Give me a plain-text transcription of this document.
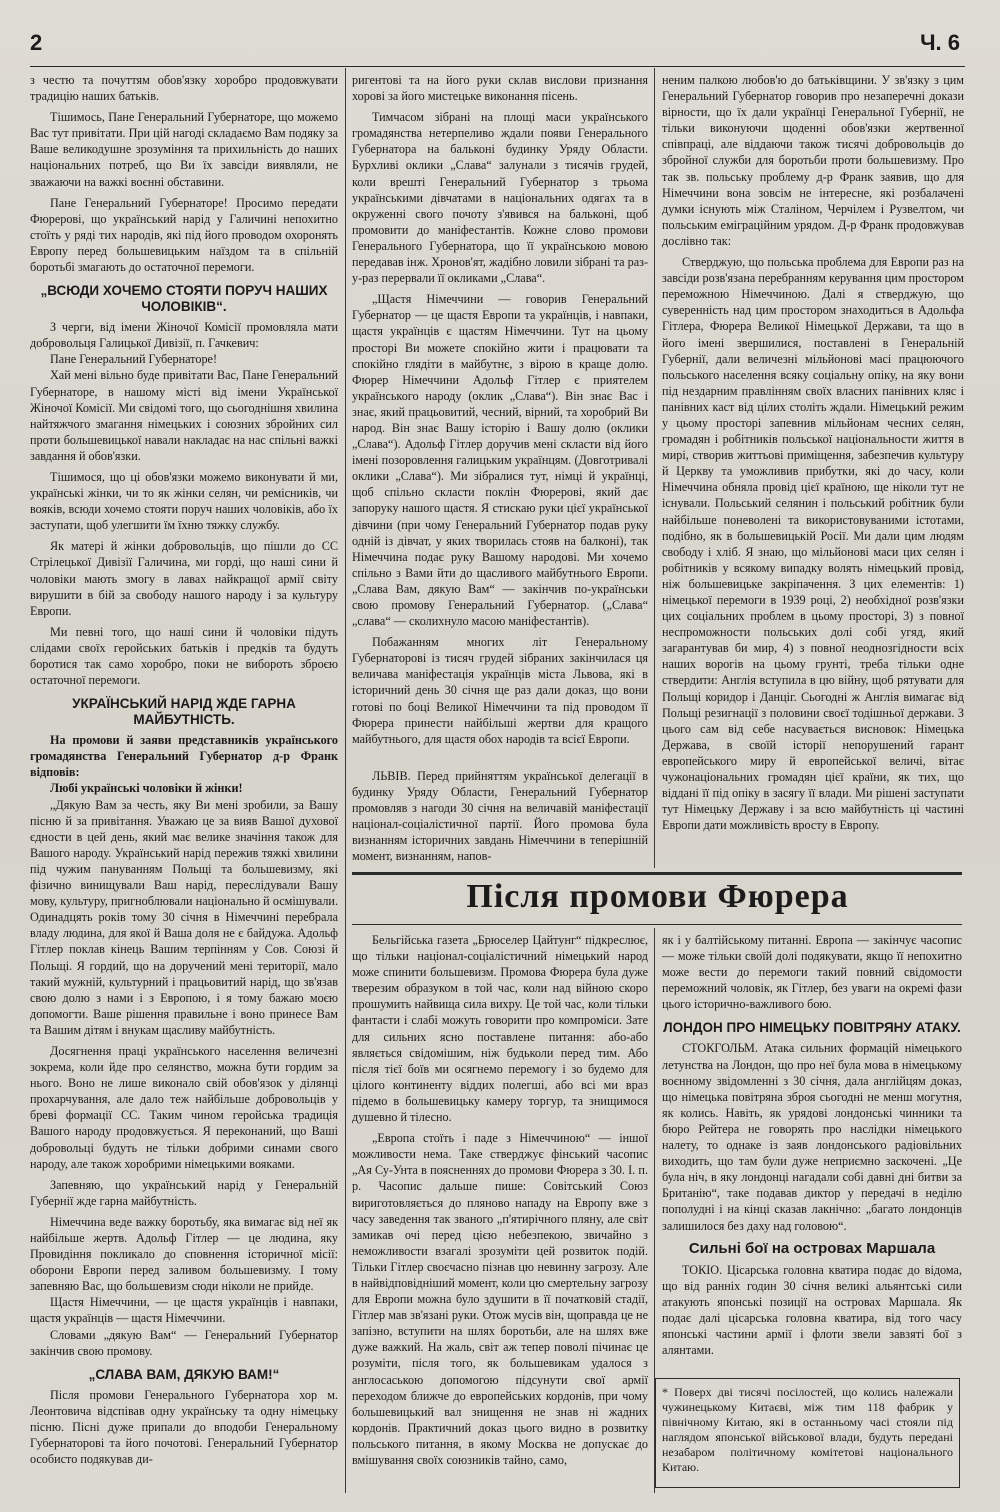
2	Ч. 6

з честю та почуттям обов'язку хоробро продовжувати традицію наших батьків.

Тішимось, Пане Генеральний Губернаторе, що можемо Вас тут привітати. При цій нагоді складаємо Вам подяку за Ваше великодушне зрозуміння та прихильність до наших національних потреб, що Ви їх завсіди виявляли, не зважаючи на важкі воєнні обставини.

Пане Генеральний Губернаторе! Просимо передати Фюрерові, що український нарід у Галичині непохитно стоїть у ряді тих народів, які під його проводом охоронять Европу перед большевицьким наїздом та в спільній боротьбі змагають до остаточної перемоги.

„ВСЮДИ ХОЧЕМО СТОЯТИ ПОРУЧ НАШИХ ЧОЛОВІКІВ“.

З черги, від імени Жіночої Комісії промовляла мати добровольця Галицької Дивізії, п. Гачкевич:

Пане Генеральний Губернаторе!

Хай мені вільно буде привітати Вас, Пане Генеральний Губернаторе, в нашому місті від імени Української Жіночої Комісії. Ми свідомі того, що сьогоднішня хвилина найтяжчого змагання німецьких і союзних збройних сил проти большевицької навали накладає на нас спільні важкі завдання й обов'язки.

Тішимося, що ці обов'язки можемо виконувати й ми, українські жінки, чи то як жінки селян, чи ремісників, чи вояків, всюди хочемо стояти поруч наших чоловіків, або їх заступати, щоб улегшити їм їхню тяжку службу.

Як матері й жінки добровольців, що пішли до СС Стрілецької Дивізії Галичина, ми горді, що наші сини й чоловіки мають змогу в лавах найкращої армії світу вирушити в бій за свободу нашого народу і за культуру Европи.

Ми певні того, що наші сини й чоловіки підуть слідами своїх геройських батьків і предків та будуть боротися так само хоробро, поки не вибороть зброєю остаточної перемоги.

УКРАЇНСЬКИЙ НАРІД ЖДЕ ГАРНА МАЙБУТНІСТЬ.

На промови й заяви представників українського громадянства Генеральний Губернатор д-р Франк відповів:

Любі українські чоловіки й жінки!

„Дякую Вам за честь, яку Ви мені зробили, за Вашу пісню й за привітання. Уважаю це за вияв Вашої духової єдности в цей день, який має велике значіння також для Вашого народу. Український нарід пережив тяжкі хвилини під чужим пануванням Польщі та большевизму, які фізично винищували Ваш нарід, переслідували Вашу мову, культуру, пригноблювали національно й осмішували. Одинадцять років тому 30 січня в Німеччині перебрала владу людина, для якої й Ваша доля не є байдужа. Адольф Гітлер поклав кінець Вашим терпінням у Сов. Союзі й Польщі. Я гордий, що на доручений мені території, мало такий мужній, культурний і працьовитий нарід, що зв'язав свою долю з нами і з Европою, і я тому бажаю моєю допомогти. Ваше рішення правильне і воно принесе Вам та Вашим дітям і внукам щасливу майбутність.

Досягнення праці українського населення величезні зокрема, коли йде про селянство, можна бути гордим за нього. Воно не лише виконало свій обов'язок у ділянці прохарчування, але дало теж найбільше добровольців у бреві формації СС. Таким чином геройська традиція Вашого народу продовжується. Я переконаний, що Ваші добровольці будуть не тільки добрими синами свого народу, але також хоробрими німецькими вояками.

Запевняю, що український нарід у Генеральній Губернії жде гарна майбутність.

Німеччина веде важку боротьбу, яка вимагає від неї як найбільше жертв. Адольф Гітлер — це людина, яку Провидіння покликало до сповнення історичної місії: оборони Европи перед заливом большевизму. І тому запевняю Вас, що большевизм сюди ніколи не прийде.

Щастя Німеччини, — це щастя українців і навпаки, щастя українців — щастя Німеччини.

Словами „дякую Вам“ — Генеральний Губернатор закінчив свою промову.

„СЛАВА ВАМ, ДЯКУЮ ВАМ!“

Після промови Генерального Губернатора хор м. Леонтовича відспівав одну українську та одну німецьку пісню. Пісні дуже припали до вподоби Генеральному Губернаторові та його почотові. Генеральний Губернатор особисто подякував ди-

ригентові та на його руки склав вислови признання хорові за його мистецьке виконання пісень.

Тимчасом зібрані на площі маси українського громадянства нетерпеливо ждали появи Генерального Губернатора на бальконі будинку Уряду Области. Бурхливі оклики „Слава“ залунали з тисячів грудей, коли врешті Генеральний Губернатор з трьома українськими дівчатами в національних одягах та в окруженні свого почоту з'явився на бальконі, щоб промовити до маніфестантів. Кожне слово промови Генерального Губернатора, що її українською мовою передавав інж. Хронов'ят, жадібно ловили зібрані та раз-у-раз перервали її окликами „Слава“.

„Щастя Німеччини — говорив Генеральний Губернатор — це щастя Европи та українців, і навпаки, щастя українців є щастям Німеччини. Тут на цьому просторі Ви можете спокійно жити і працювати та спокійно глядіти в майбутнє, з вірою в краще долю. Фюрер Німеччини Адольф Гітлер є приятелем українського народу (оклик „Слава“). Він знає Вас і знає, який працьовитий, чесний, вірний, та хоробрий Ви народ. Він знає Вашу історію і Вашу долю (оклики „Слава“). Адольф Гітлер доручив мені скласти від його імені позоровлення галицьким українцям. (Довготривалі оклики „Слава“). Ми зібралися тут, німці й українці, щоб спільно скласти поклін Фюрерові, який дає запоруку нашого щастя. Я стискаю руки цієї української дівчини (при чому Генеральний Губернатор подав руку одній із дівчат, у яких творилась стояв на балконі), так Німеччина подає руку Вашому народові. Ми хочемо спільно з Вами йти до щасливого майбутнього Европи. „Слава Вам, дякую Вам“ — закінчив по-українськи свою промову Генеральний Губернатор. („Слава“ „слава“ — сколихнуло масою маніфестантів).

Побажанням многих літ Генеральному Губернаторові із тисяч грудей зібраних закінчилася ця величава маніфестація українців міста Львова, які в історичний день 30 січня ще раз дали доказ, що вони готові по боці Великої Німеччини та під проводом її Фюрера принести найбільші жертви для кращого майбутнього, для щастя обох народів та всієї Европи.

ЛЬВІВ. Перед прийняттям української делегації в будинку Уряду Области, Генеральний Губернатор промовляв з нагоди 30 січня на величавій маніфестації націонал-соціалістичної партії. Його промова була визнанням історичних завдань Німеччини в теперішній момент, визнанням, напов-

неним палкою любов'ю до батьківщини. У зв'язку з цим Генеральний Губернатор говорив про незаперечні докази вірности, що їх дали українці Генеральної Губернії, не тільки виконуючи щоденні обов'язки жертвенної співпраці, але віддаючи також тисячі добровольців до збройної служби для боротьби проти большевизму. Про так зв. польську проблему д-р Франк заявив, що для Німеччини вона зовсім не інтересне, які розбалачені думки існують між Сталіном, Черчілем і Рузвелтом, чи польським еміграційним урядом. Д-р Франк продовжував дослівно так:

Стверджую, що польська проблема для Европи раз на завсіди розв'язана перебранням керування цим простором переможною Німеччиною. Далі я стверджую, що суверенність над цим простором знаходиться в Адольфа Гітлера, Фюрера Великої Німецької Держави, та що в його імені звершилися, поставлені в Генеральній Губернії, дали величезні мільйонові масі працюючого польського населення всяку соціальну опіку, на яку вони під нездарним правлінням своїх власних панівних кляс і панівних каст від цілих століть ждали. Німецький режим у цьому просторі запевнив мільйонам чесних селян, громадян і робітників польської національности життя в мирі, створив життьові приміщення, забезпечив культуру й Церкву та уможливив прибутки, які до часу, коли Німеччина обняла провід цієї країною, ще ніколи тут не існували. Польський селянин і польський робітник були найбільше поневолені та використовуваними істотами, подібно, як в большевицькій Росії. Ми дали цим людям свободу і хліб. Я знаю, що мільйонові маси цих селян і робітників у всякому випадку волять німецький провід, ніж большевицьке закріпачення. З цих елементів: 1) німецької перемоги в 1939 році, 2) необхідної розв'язки цих соціальних проблем в цьому просторі, 3) з повної неспроможности польських долі собі угяд, який загарантував би мир, 4) з повної неоднозгідности всіх наших ворогів на цьому грунті, треба тільки одне ствердити: Англія вступила в цю війну, щоб рятувати для Польщі коридор і Данціг. Сьогодні ж Англія вимагає від Польщі резигнації з половини своєї тодішньої держави. З цього сам від себе насувається висновок: Німецька Держава, в своїй історії непорушений гарант европейського миру й европейської величі, вітає чужонаціональних громадян цієї країни, як тих, що віддані її під опіку в засягу її влади. Ми рішені заступати тут Німецьку Державу і за всю майбутність ці частині Европи дати можливість вросту в Европу.

Після промови Фюрера

Бельгійська газета „Брюселер Цайтунг“ підкреслює, що тільки націонал-соціалістичний німецький народ може спинити большевизм. Промова Фюрера була дуже тверезим образуком в той час, коли над війною скоро прошумить найвища сила вихру. Це той час, коли тільки фантасти і слабі можуть говорити про компроміси. Зате для сильних ясно поставлене питання: або-або являється свідомішим, ніж будьколи перед тим. Або після тієї боїв ми осягнемо перемогу і зо будемо для цілого континенту віддих полегші, або всі ми враз підемо в большевицьку камеру торгур, та знищимося душевно й тілесно.

„Европа стоїть і паде з Німеччиною“ — іншої можливости нема. Таке стверджує фінський часопис „Ая Су-Унта в поясненнях до промови Фюрера з 30. І. п. р. Часопис дальше пише: Совітський Союз вириготовляється до пляново нападу на Европу вже з часу заведення так званого „п'ятирічного пляну, але світ замикав очі перед цією небезпекою, звичайно з неможливости взагалі зрозуміти цей розвиток подій. Тільки Гітлер своєчасно пізнав цю невинну загрозу. Але в найвідповідніший момент, коли цю смертельну загрозу для Европи можна було здушити в її початковій стадії, Гітлер мав зв'язані руки. Отож мусів він, щоправда це не запізно, вступити на шлях боротьби, але на шлях вже дуже важкий. На жаль, світ аж тепер поволі пічинає це розуміти, після того, як большевикам удалося з англосаською допомогою підсунути свої армії переходом ближче до европейських кордонів, при чому большевицький вал знищення не знав ні жадних кордонів. Практичний доказ цього видно в розвитку польського питання, в якому Москва не допускає до вмішування своїх союзників тайно, само,

як і у балтійському питанні. Европа — закінчує часопис — може тільки своїй долі подякувати, якщо її непохитно може вести до перемоги такий повний свідомости переможний чоловік, як Гітлер, без уваги на окремі фази цього історично-важливого бою.

ЛОНДОН ПРО НІМЕЦЬКУ ПОВІТРЯНУ АТАКУ.

СТОКГОЛЬМ. Атака сильних формацій німецького летунства на Лондон, що про неї була мова в німецькому воєнному звідомленні з 30 січня, дала англійцям доказ, що німецька повітряна зброя сьогодні не менш могутня, як колись. Навіть, як урядові лондонські чинники та бюро Рейтера не говорять про наслідки німецького налету, то однаке із заяв лондонського радіовільних виходить, що там були дуже неприємно заскочені. „Це була ніч, в яку лондонці нагадали собі давні дні битви за Британію“, таке подавав диктор у передачі в неділю пополудні і на кінці сказав лакнічно: „багато лондонців залишилося без даху над головою“.

Сильні бої на островах Маршала

ТОКІО. Цісарська головна кватира подає до відома, що від ранніх годин 30 січня великі альянтські сили атакують японські позиції на островах Маршала. Як подає далі цісарська головна кватира, від того часу японські частини армії і флоти звели завзяті бої з алянтами.

* Поверх дві тисячі посілостей, що колись належали чужинецькому Китаєві, між тим 118 фабрик у північному Китаю, які в останньому часі стояли під наглядом японської військової влади, будуть передані незабаром політичному комітетові національного Китаю.
